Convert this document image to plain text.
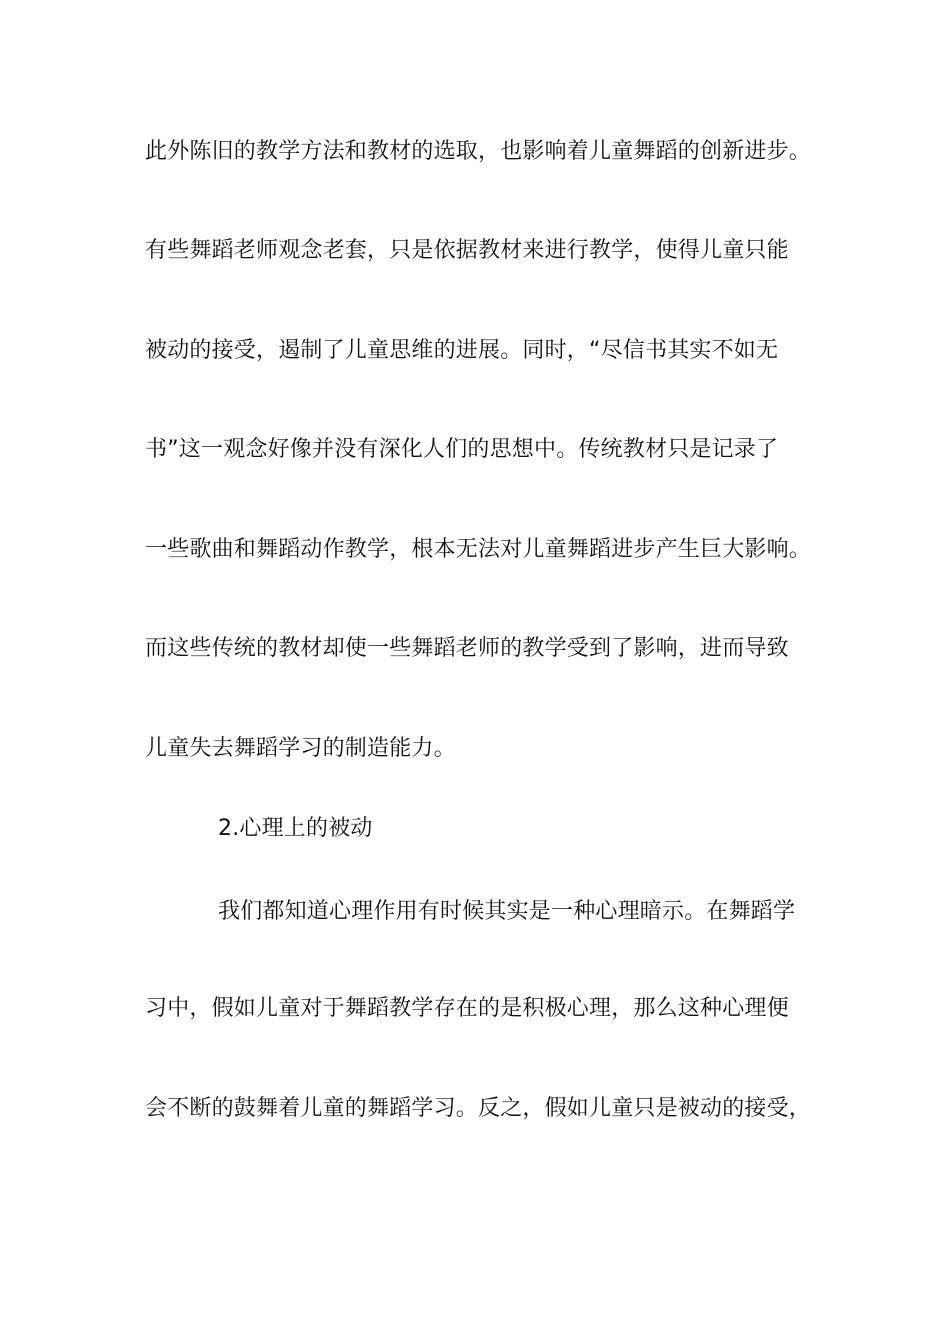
此外陈旧的教学方法和教材的选取，也影响着儿童舞蹈的创新进步。
有些舞蹈老师观念老套，只是依据教材来进行教学，使得儿童只能
被动的接受，遏制了儿童思维的进展。同时，“尽信书其实不如无
书”这一观念好像并没有深化人们的思想中。传统教材只是记录了
一些歌曲和舞蹈动作教学，根本无法对儿童舞蹈进步产生巨大影响。
而这些传统的教材却使一些舞蹈老师的教学受到了影响，进而导致
儿童失去舞蹈学习的制造能力。
2.心理上的被动
我们都知道心理作用有时候其实是一种心理暗示。在舞蹈学
习中，假如儿童对于舞蹈教学存在的是积极心理，那么这种心理便
会不断的鼓舞着儿童的舞蹈学习。反之，假如儿童只是被动的接受，
